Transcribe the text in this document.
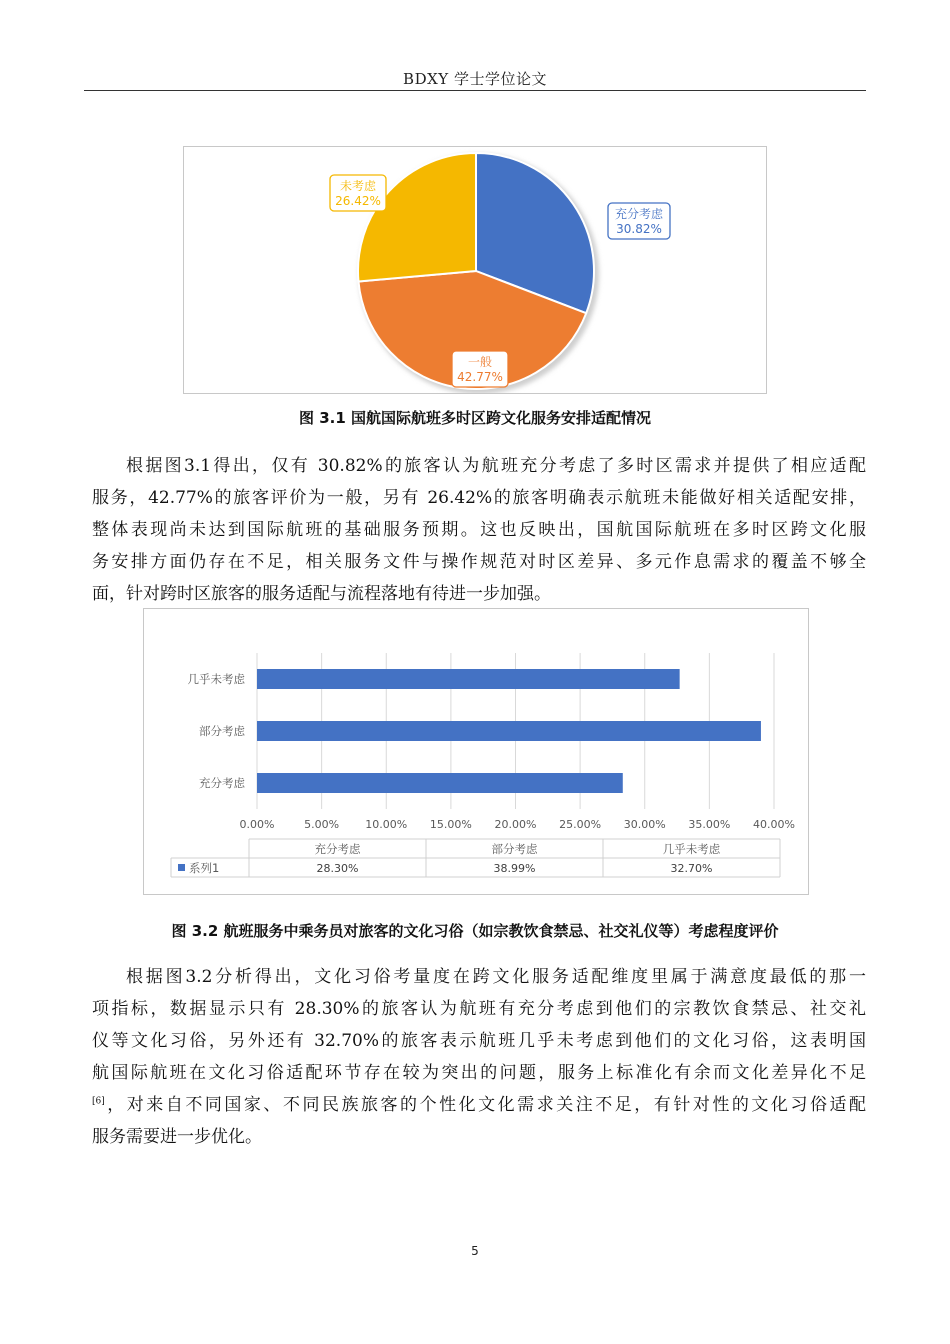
BDXY 学士学位论文
充分考虑
30.82%
一般
42.77%
未考虑
26.42%
图 3.1 国航国际航班多时区跨文化服务安排适配情况
根据图3.1得出，仅有 30.82%的旅客认为航班充分考虑了多时区需求并提供了相应适配
服务，42.77%的旅客评价为一般，另有 26.42%的旅客明确表示航班未能做好相关适配安排，
整体表现尚未达到国际航班的基础服务预期。这也反映出，国航国际航班在多时区跨文化服
务安排方面仍存在不足，相关服务文件与操作规范对时区差异、多元作息需求的覆盖不够全
面，针对跨时区旅客的服务适配与流程落地有待进一步加强。
充分考虑
部分考虑
几乎未考虑
0.00%	5.00% 10.00% 15.00% 20.00% 25.00% 30.00% 35.00% 40.00%
充分考虑
28.30%
部分考虑
38.99%
几乎未考虑
32.70%
系列1
图 3.2 航班服务中乘务员对旅客的文化习俗（如宗教饮食禁忌、社交礼仪等）考虑程度评价
根据图3.2分析得出，文化习俗考量度在跨文化服务适配维度里属于满意度最低的那一
项指标，数据显示只有 28.30%的旅客认为航班有充分考虑到他们的宗教饮食禁忌、社交礼
仪等文化习俗，另外还有 32.70%的旅客表示航班几乎未考虑到他们的文化习俗，这表明国
航国际航班在文化习俗适配环节存在较为突出的问题，服务上标准化有余而文化差异化不足
[6]，对来自不同国家、不同民族旅客的个性化文化需求关注不足，有针对性的文化习俗适配
服务需要进一步优化。
5
